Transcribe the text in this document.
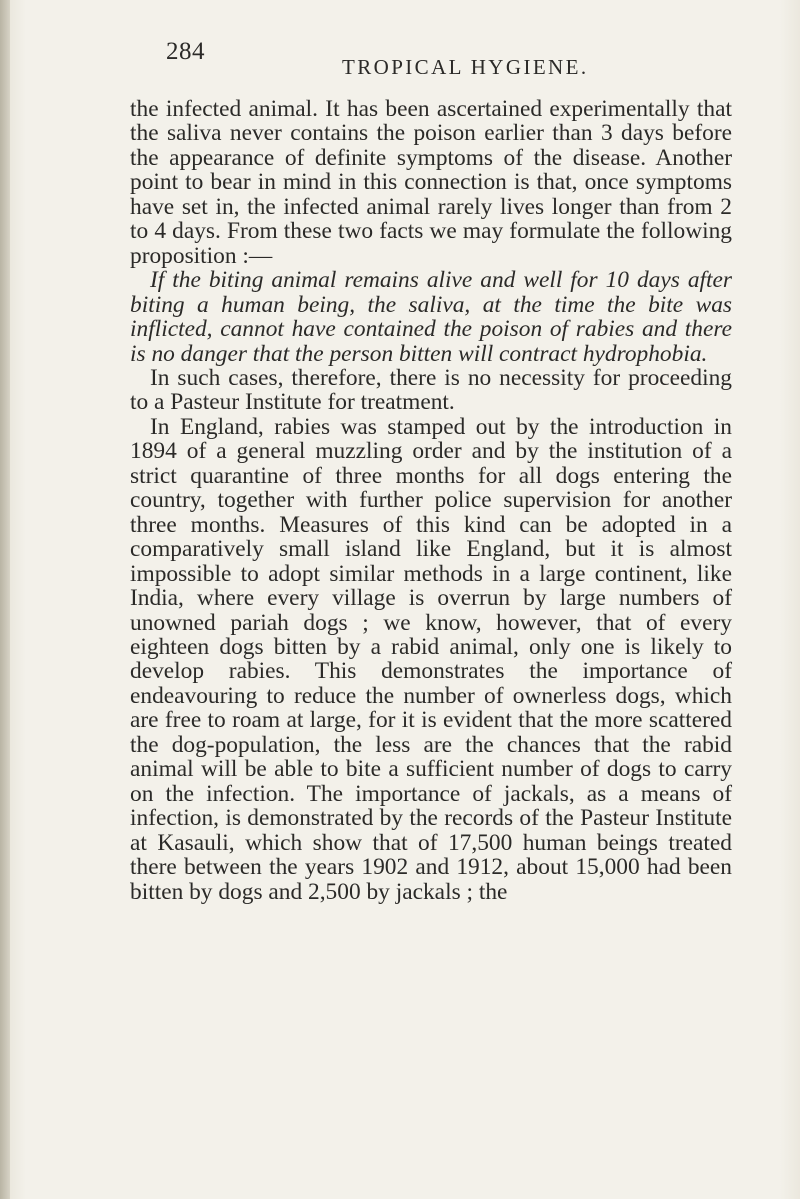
284
TROPICAL HYGIENE.

the infected animal. It has been ascertained experimentally that the saliva never contains the poison earlier than 3 days before the appearance of definite symptoms of the disease. Another point to bear in mind in this connection is that, once symptoms have set in, the infected animal rarely lives longer than from 2 to 4 days. From these two facts we may formulate the following proposition :—

If the biting animal remains alive and well for 10 days after biting a human being, the saliva, at the time the bite was inflicted, cannot have contained the poison of rabies and there is no danger that the person bitten will contract hydrophobia.

In such cases, therefore, there is no necessity for proceeding to a Pasteur Institute for treatment.

In England, rabies was stamped out by the introduction in 1894 of a general muzzling order and by the institution of a strict quarantine of three months for all dogs entering the country, together with further police supervision for another three months. Measures of this kind can be adopted in a comparatively small island like England, but it is almost impossible to adopt similar methods in a large continent, like India, where every village is overrun by large numbers of unowned pariah dogs ; we know, however, that of every eighteen dogs bitten by a rabid animal, only one is likely to develop rabies. This demonstrates the importance of endeavouring to reduce the number of ownerless dogs, which are free to roam at large, for it is evident that the more scattered the dog-population, the less are the chances that the rabid animal will be able to bite a sufficient number of dogs to carry on the infection. The importance of jackals, as a means of infection, is demonstrated by the records of the Pasteur Institute at Kasauli, which show that of 17,500 human beings treated there between the years 1902 and 1912, about 15,000 had been bitten by dogs and 2,500 by jackals ; the
